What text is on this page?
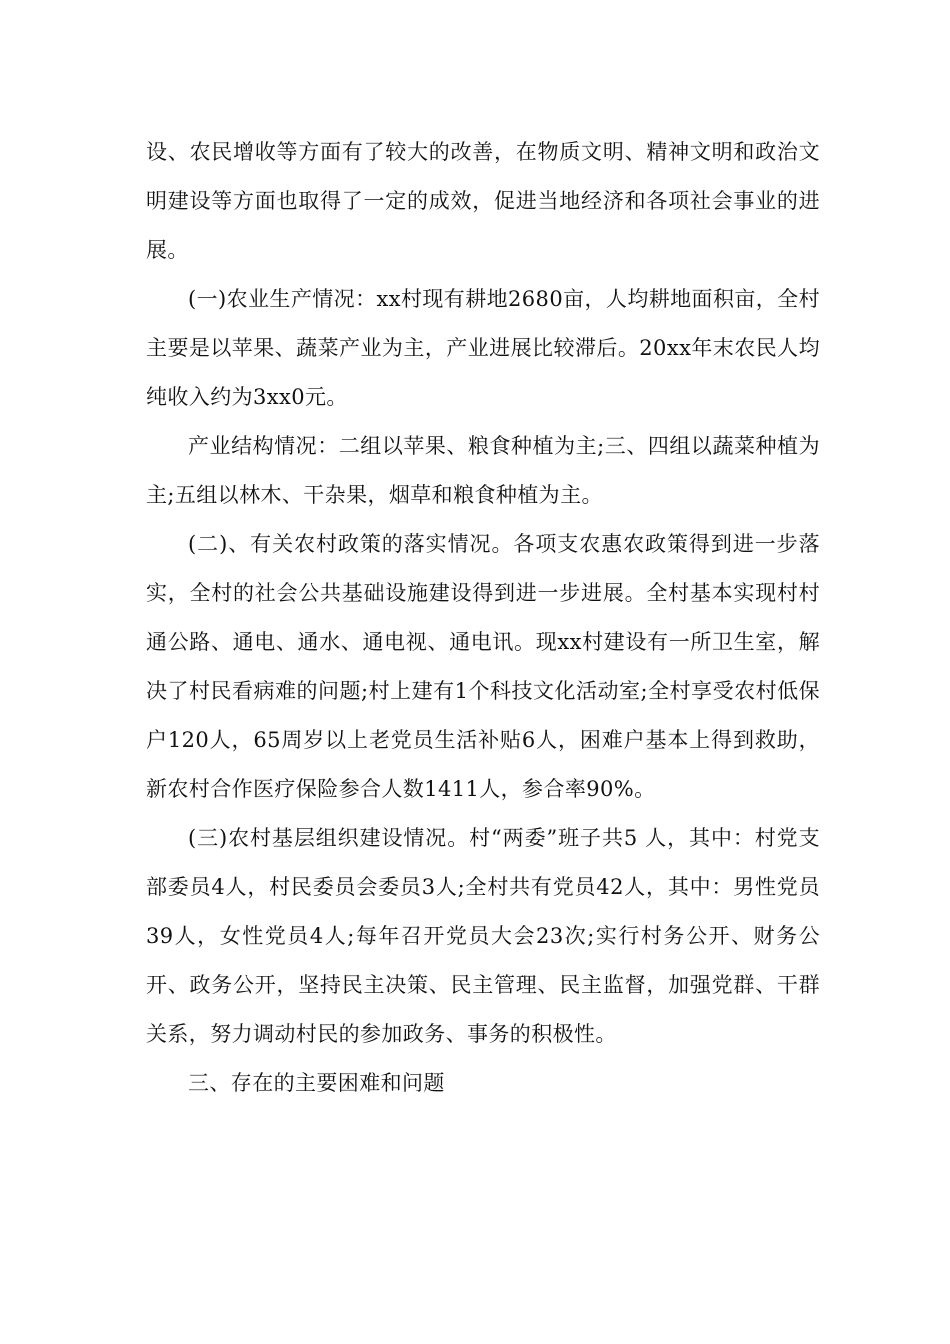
设、农民增收等方面有了较大的改善，在物质文明、精神文明和政治文明建设等方面也取得了一定的成效，促进当地经济和各项社会事业的进展。

(一)农业生产情况：xx村现有耕地2680亩，人均耕地面积亩，全村主要是以苹果、蔬菜产业为主，产业进展比较滞后。20xx年末农民人均纯收入约为3xx0元。

产业结构情况：二组以苹果、粮食种植为主;三、四组以蔬菜种植为主;五组以林木、干杂果，烟草和粮食种植为主。

(二)、有关农村政策的落实情况。各项支农惠农政策得到进一步落实，全村的社会公共基础设施建设得到进一步进展。全村基本实现村村通公路、通电、通水、通电视、通电讯。现xx村建设有一所卫生室，解决了村民看病难的问题;村上建有1个科技文化活动室;全村享受农村低保户120人，65周岁以上老党员生活补贴6人，困难户基本上得到救助，新农村合作医疗保险参合人数1411人，参合率90%。

(三)农村基层组织建设情况。村“两委”班子共5 人，其中：村党支部委员4人，村民委员会委员3人;全村共有党员42人，其中：男性党员39人，女性党员4人;每年召开党员大会23次;实行村务公开、财务公开、政务公开，坚持民主决策、民主管理、民主监督，加强党群、干群关系，努力调动村民的参加政务、事务的积极性。

三、存在的主要困难和问题
